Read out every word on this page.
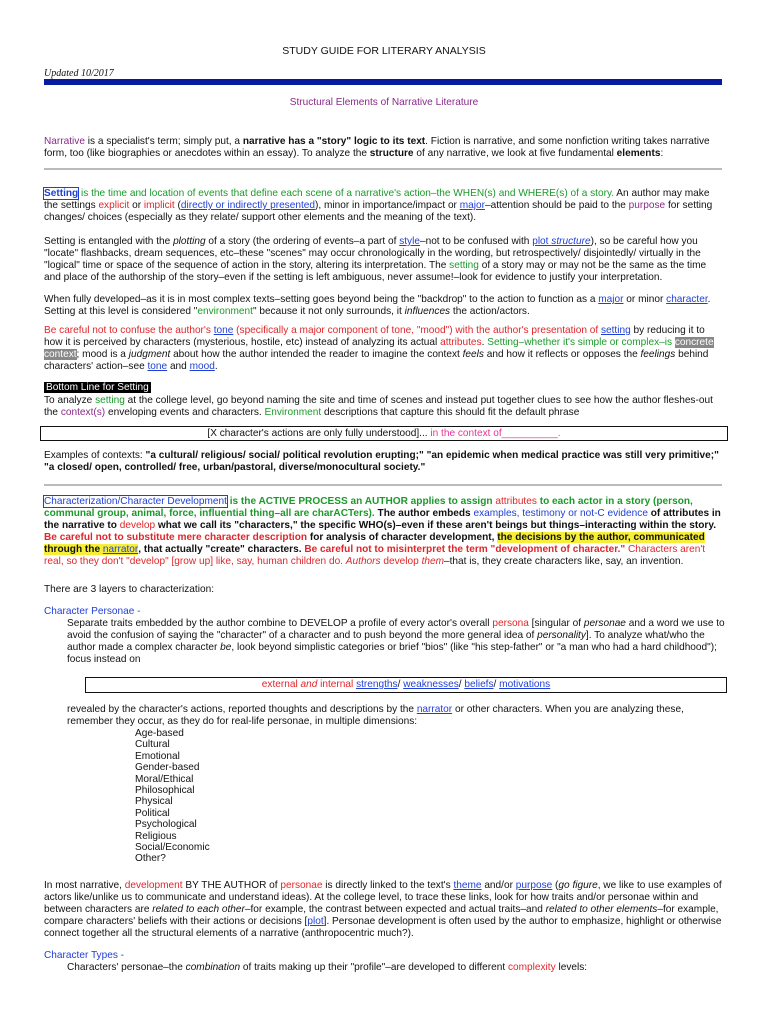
STUDY GUIDE FOR LITERARY ANALYSIS
Updated 10/2017
Structural Elements of Narrative Literature

Narrative is a specialist's term; simply put, a narrative has a "story" logic to its text. Fiction is narrative, and some nonfiction writing takes narrative form, too (like biographies or anecdotes within an essay). To analyze the structure of any narrative, we look at five fundamental elements:

Setting is the time and location of events that define each scene of a narrative's action–the WHEN(s) and WHERE(s) of a story. An author may make the settings explicit or implicit (directly or indirectly presented), minor in importance/impact or major–attention should be paid to the purpose for setting changes/ choices (especially as they relate/ support other elements and the meaning of the text).

Setting is entangled with the plotting of a story (the ordering of events–a part of style–not to be confused with plot structure), so be careful how you "locate" flashbacks, dream sequences, etc–these "scenes" may occur chronologically in the wording, but retrospectively/ disjointedly/ virtually in the "logical" time or space of the sequence of action in the story, altering its interpretation. The setting of a story may or may not be the same as the time and place of the authorship of the story–even if the setting is left ambiguous, never assume!–look for evidence to justify your interpretation.

When fully developed–as it is in most complex texts–setting goes beyond being the "backdrop" to the action to function as a major or minor character. Setting at this level is considered "environment" because it not only surrounds, it influences the action/actors.

Be careful not to confuse the author's tone (specifically a major component of tone, "mood") with the author's presentation of setting by reducing it to how it is perceived by characters (mysterious, hostile, etc) instead of analyzing its actual attributes. Setting–whether it's simple or complex–is concrete context; mood is a judgment about how the author intended the reader to imagine the context feels and how it reflects or opposes the feelings behind characters' action–see tone and mood.

Bottom Line for Setting

To analyze setting at the college level, go beyond naming the site and time of scenes and instead put together clues to see how the author fleshes-out the context(s) enveloping events and characters. Environment descriptions that capture this should fit the default phrase

[X character's actions are only fully understood]... in the context of__________.

Examples of contexts: "a cultural/ religious/ social/ political revolution erupting;" "an epidemic when medical practice was still very primitive;" "a closed/ open, controlled/ free, urban/pastoral, diverse/monocultural society."

Characterization/Character Development is the ACTIVE PROCESS an AUTHOR applies to assign attributes to each actor in a story (person, communal group, animal, force, influential thing–all are charACTers). The author embeds examples, testimony or not-C evidence of attributes in the narrative to develop what we call its "characters," the specific WHO(s)–even if these aren't beings but things–interacting within the story. Be careful not to substitute mere character description for analysis of character development, the decisions by the author, communicated through the narrator, that actually "create" characters. Be careful not to misinterpret the term "development of character." Characters aren't real, so they don't "develop" [grow up] like, say, human children do. Authors develop them–that is, they create characters like, say, an invention.

There are 3 layers to characterization:

Character Personae -

Separate traits embedded by the author combine to DEVELOP a profile of every actor's overall persona [singular of personae and a word we use to avoid the confusion of saying the "character" of a character and to push beyond the more general idea of personality]. To analyze what/who the author made a complex character be, look beyond simplistic categories or brief "bios" (like "his step-father" or "a man who had a hard childhood"); focus instead on

external and internal strengths/ weaknesses/ beliefs/ motivations

revealed by the character's actions, reported thoughts and descriptions by the narrator or other characters. When you are analyzing these, remember they occur, as they do for real-life personae, in multiple dimensions:

Age-based
Cultural
Emotional
Gender-based
Moral/Ethical
Philosophical
Physical
Political
Psychological
Religious
Social/Economic
Other?

In most narrative, development BY THE AUTHOR of personae is directly linked to the text's theme and/or purpose (go figure, we like to use examples of actors like/unlike us to communicate and understand ideas). At the college level, to trace these links, look for how traits and/or personae within and between characters are related to each other–for example, the contrast between expected and actual traits–and related to other elements–for example, compare characters' beliefs with their actions or decisions [plot]. Personae development is often used by the author to emphasize, highlight or otherwise connect together all the structural elements of a narrative (anthropocentric much?).

Character Types -

Characters' personae–the combination of traits making up their "profile"–are developed to different complexity levels:
